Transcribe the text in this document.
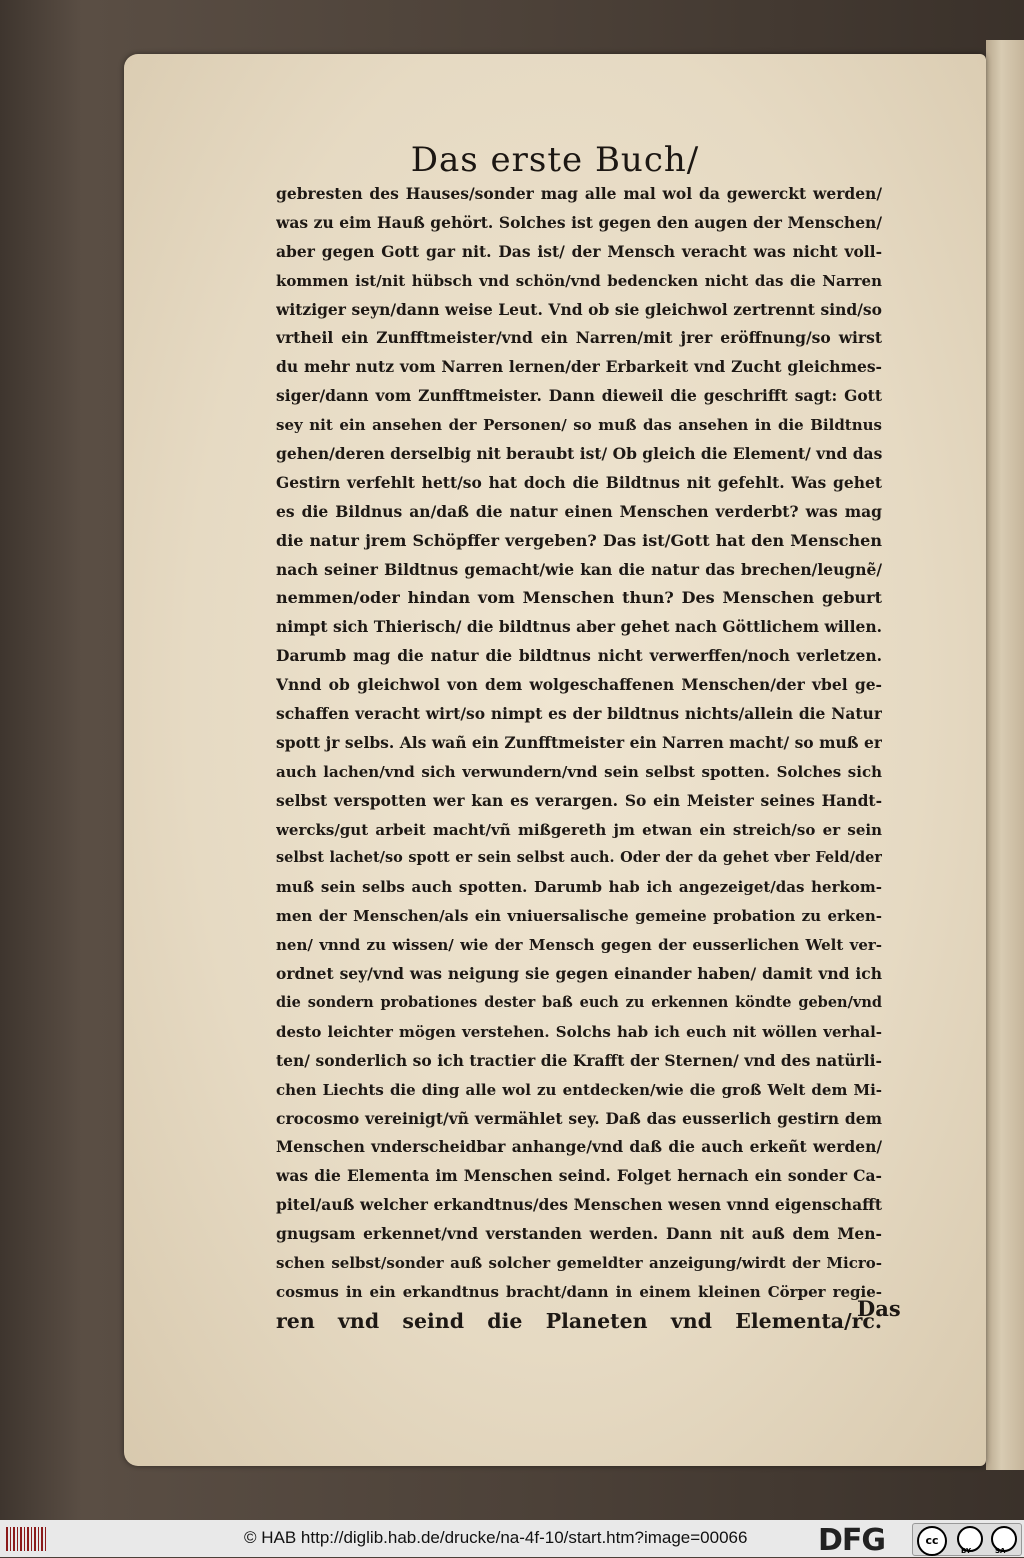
Das erste Buch/
gebresten des Hauses/sonder mag alle mal wol da gewerckt werden/
was zu eim Hauß gehört. Solches ist gegen den augen der Menschen/
aber gegen Gott gar nit. Das ist/ der Mensch veracht was nicht voll-
kommen ist/nit hübsch vnd schön/vnd bedencken nicht das die Narren
witziger seyn/dann weise Leut. Vnd ob sie gleichwol zertrennt sind/so
vrtheil ein Zunfftmeister/vnd ein Narren/mit jrer eröffnung/so wirst
du mehr nutz vom Narren lernen/der Erbarkeit vnd Zucht gleichmes-
siger/dann vom Zunfftmeister. Dann dieweil die geschrifft sagt: Gott
sey nit ein ansehen der Personen/ so muß das ansehen in die Bildtnus
gehen/deren derselbig nit beraubt ist/ Ob gleich die Element/ vnd das
Gestirn verfehlt hett/so hat doch die Bildtnus nit gefehlt. Was gehet
es die Bildnus an/daß die natur einen Menschen verderbt? was mag
die natur jrem Schöpffer vergeben? Das ist/Gott hat den Menschen
nach seiner Bildtnus gemacht/wie kan die natur das brechen/leugnẽ/
nemmen/oder hindan vom Menschen thun? Des Menschen geburt
nimpt sich Thierisch/ die bildtnus aber gehet nach Göttlichem willen.
Darumb mag die natur die bildtnus nicht verwerffen/noch verletzen.
Vnnd ob gleichwol von dem wolgeschaffenen Menschen/der vbel ge-
schaffen veracht wirt/so nimpt es der bildtnus nichts/allein die Natur
spott jr selbs. Als wañ ein Zunfftmeister ein Narren macht/ so muß er
auch lachen/vnd sich verwundern/vnd sein selbst spotten. Solches sich
selbst verspotten wer kan es verargen. So ein Meister seines Handt-
wercks/gut arbeit macht/vñ mißgereth jm etwan ein streich/so er sein
selbst lachet/so spott er sein selbst auch. Oder der da gehet vber Feld/der
muß sein selbs auch spotten. Darumb hab ich angezeiget/das herkom-
men der Menschen/als ein vniuersalische gemeine probation zu erken-
nen/ vnnd zu wissen/ wie der Mensch gegen der eusserlichen Welt ver-
ordnet sey/vnd was neigung sie gegen einander haben/ damit vnd ich
die sondern probationes dester baß euch zu erkennen köndte geben/vnd
desto leichter mögen verstehen. Solchs hab ich euch nit wöllen verhal-
ten/ sonderlich so ich tractier die Krafft der Sternen/ vnd des natürli-
chen Liechts die ding alle wol zu entdecken/wie die groß Welt dem Mi-
crocosmo vereinigt/vñ vermählet sey. Daß das eusserlich gestirn dem
Menschen vnderscheidbar anhange/vnd daß die auch erkeñt werden/
was die Elementa im Menschen seind. Folget hernach ein sonder Ca-
pitel/auß welcher erkandtnus/des Menschen wesen vnnd eigenschafft
gnugsam erkennet/vnd verstanden werden. Dann nit auß dem Men-
schen selbst/sonder auß solcher gemeldter anzeigung/wirdt der Micro-
cosmus in ein erkandtnus bracht/dann in einem kleinen Cörper regie-
ren vnd seind die Planeten vnd Elementa/rc.
Das
© HAB http://diglib.hab.de/drucke/na-4f-10/start.htm?image=00066 DFG	cc
BY	SA
